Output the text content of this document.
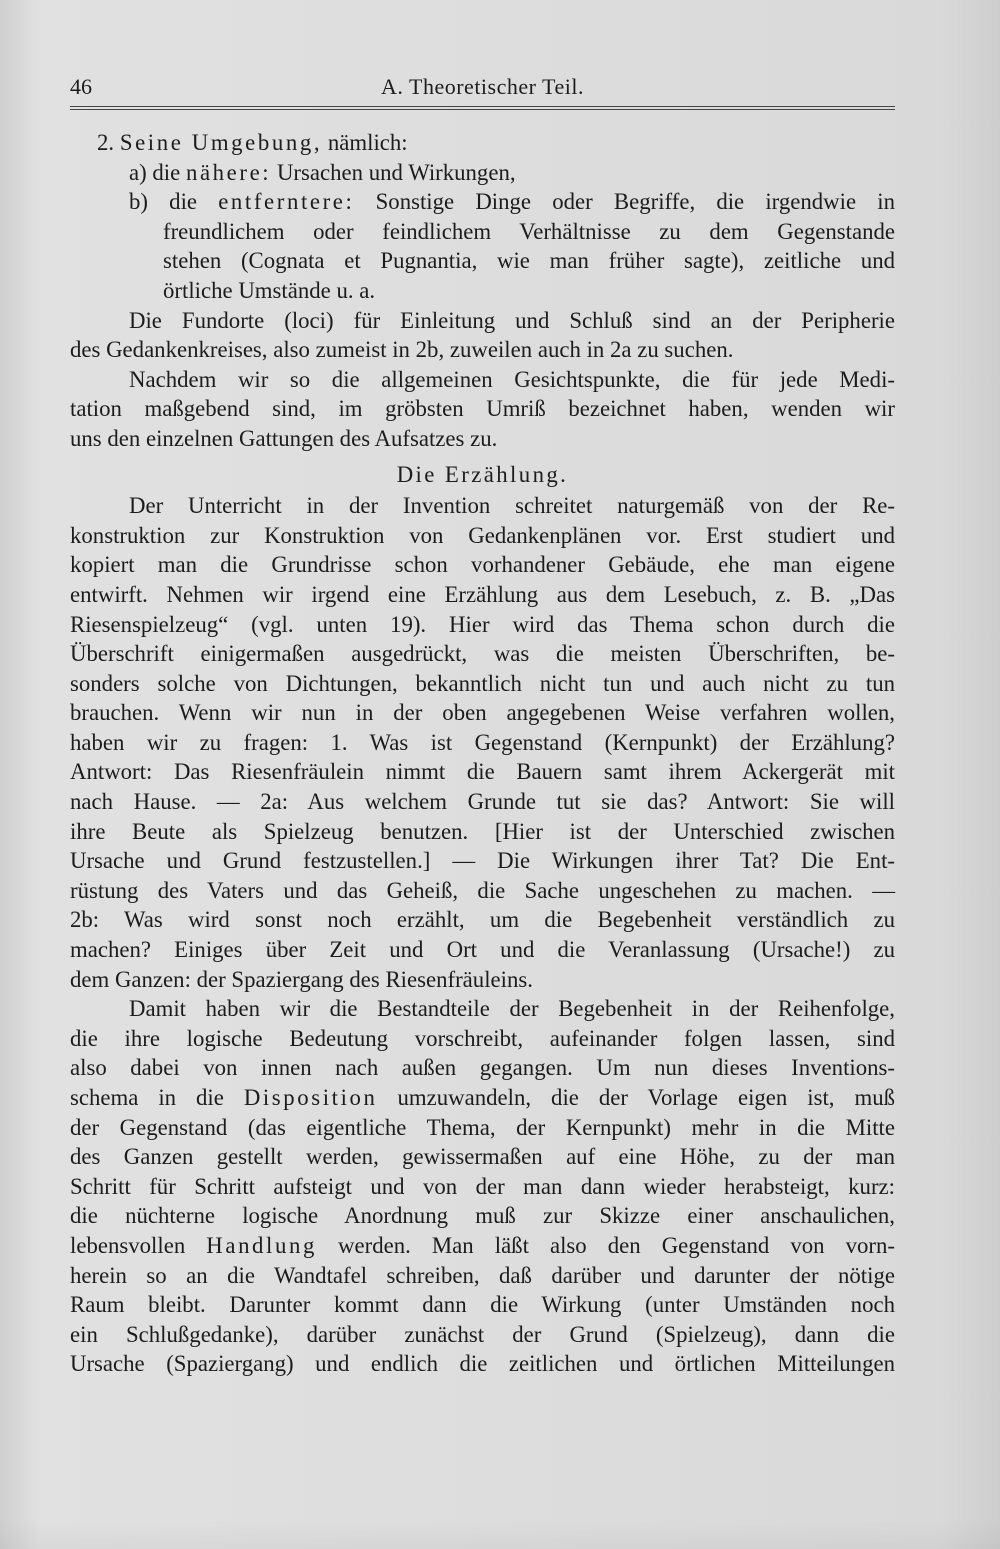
46	A. Theoretischer Teil.
2. Seine Umgebung, nämlich:
a) die nähere: Ursachen und Wirkungen,
b) die entferntere: Sonstige Dinge oder Begriffe, die irgendwie in
freundlichem oder feindlichem Verhältnisse zu dem Gegenstande
stehen (Cognata et Pugnantia, wie man früher sagte), zeitliche und
örtliche Umstände u. a.
Die Fundorte (loci) für Einleitung und Schluß sind an der Peripherie
des Gedankenkreises, also zumeist in 2b, zuweilen auch in 2a zu suchen.
Nachdem wir so die allgemeinen Gesichtspunkte, die für jede Medi-
tation maßgebend sind, im gröbsten Umriß bezeichnet haben, wenden wir
uns den einzelnen Gattungen des Aufsatzes zu.
Die Erzählung.
Der Unterricht in der Invention schreitet naturgemäß von der Re-
konstruktion zur Konstruktion von Gedankenplänen vor. Erst studiert und
kopiert man die Grundrisse schon vorhandener Gebäude, ehe man eigene
entwirft. Nehmen wir irgend eine Erzählung aus dem Lesebuch, z. B. „Das
Riesenspielzeug“ (vgl. unten 19). Hier wird das Thema schon durch die
Überschrift einigermaßen ausgedrückt, was die meisten Überschriften, be-
sonders solche von Dichtungen, bekanntlich nicht tun und auch nicht zu tun
brauchen. Wenn wir nun in der oben angegebenen Weise verfahren wollen,
haben wir zu fragen: 1. Was ist Gegenstand (Kernpunkt) der Erzählung?
Antwort: Das Riesenfräulein nimmt die Bauern samt ihrem Ackergerät mit
nach Hause. — 2a: Aus welchem Grunde tut sie das? Antwort: Sie will
ihre Beute als Spielzeug benutzen. [Hier ist der Unterschied zwischen
Ursache und Grund festzustellen.] — Die Wirkungen ihrer Tat? Die Ent-
rüstung des Vaters und das Geheiß, die Sache ungeschehen zu machen. —
2b: Was wird sonst noch erzählt, um die Begebenheit verständlich zu
machen? Einiges über Zeit und Ort und die Veranlassung (Ursache!) zu
dem Ganzen: der Spaziergang des Riesenfräuleins.
Damit haben wir die Bestandteile der Begebenheit in der Reihenfolge,
die ihre logische Bedeutung vorschreibt, aufeinander folgen lassen, sind
also dabei von innen nach außen gegangen. Um nun dieses Inventions-
schema in die Disposition umzuwandeln, die der Vorlage eigen ist, muß
der Gegenstand (das eigentliche Thema, der Kernpunkt) mehr in die Mitte
des Ganzen gestellt werden, gewissermaßen auf eine Höhe, zu der man
Schritt für Schritt aufsteigt und von der man dann wieder herabsteigt, kurz:
die nüchterne logische Anordnung muß zur Skizze einer anschaulichen,
lebensvollen Handlung werden. Man läßt also den Gegenstand von vorn-
herein so an die Wandtafel schreiben, daß darüber und darunter der nötige
Raum bleibt. Darunter kommt dann die Wirkung (unter Umständen noch
ein Schlußgedanke), darüber zunächst der Grund (Spielzeug), dann die
Ursache (Spaziergang) und endlich die zeitlichen und örtlichen Mitteilungen
